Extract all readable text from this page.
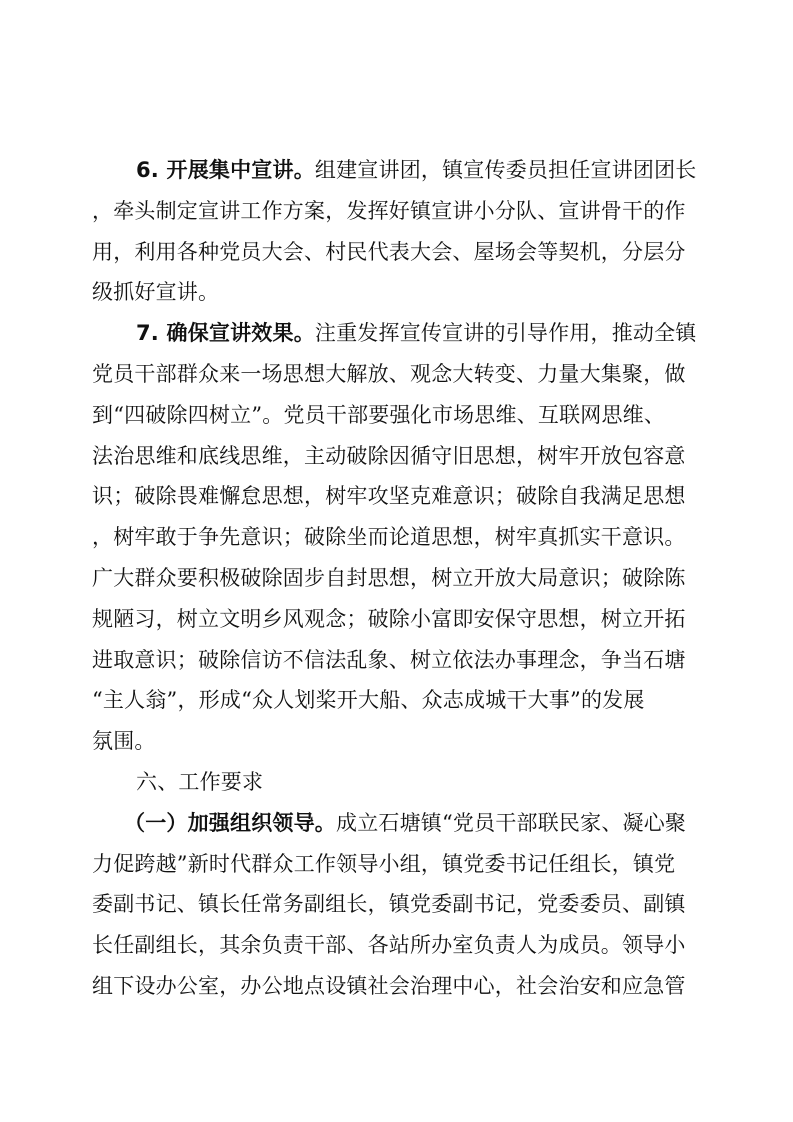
6. 开展集中宣讲。组建宣讲团，镇宣传委员担任宣讲团团长
，牵头制定宣讲工作方案，发挥好镇宣讲小分队、宣讲骨干的作
用，利用各种党员大会、村民代表大会、屋场会等契机，分层分
级抓好宣讲。
7. 确保宣讲效果。注重发挥宣传宣讲的引导作用，推动全镇
党员干部群众来一场思想大解放、观念大转变、力量大集聚，做
到“四破除四树立”。党员干部要强化市场思维、互联网思维、
法治思维和底线思维，主动破除因循守旧思想，树牢开放包容意
识；破除畏难懈怠思想，树牢攻坚克难意识；破除自我满足思想
，树牢敢于争先意识；破除坐而论道思想，树牢真抓实干意识。
广大群众要积极破除固步自封思想，树立开放大局意识；破除陈
规陋习，树立文明乡风观念；破除小富即安保守思想，树立开拓
进取意识；破除信访不信法乱象、树立依法办事理念，争当石塘
“主人翁”，形成“众人划桨开大船、众志成城干大事”的发展
氛围。
六、工作要求
（一）加强组织领导。成立石塘镇“党员干部联民家、凝心聚
力促跨越”新时代群众工作领导小组，镇党委书记任组长，镇党
委副书记、镇长任常务副组长，镇党委副书记，党委委员、副镇
长任副组长，其余负责干部、各站所办室负责人为成员。领导小
组下设办公室，办公地点设镇社会治理中心，社会治安和应急管
